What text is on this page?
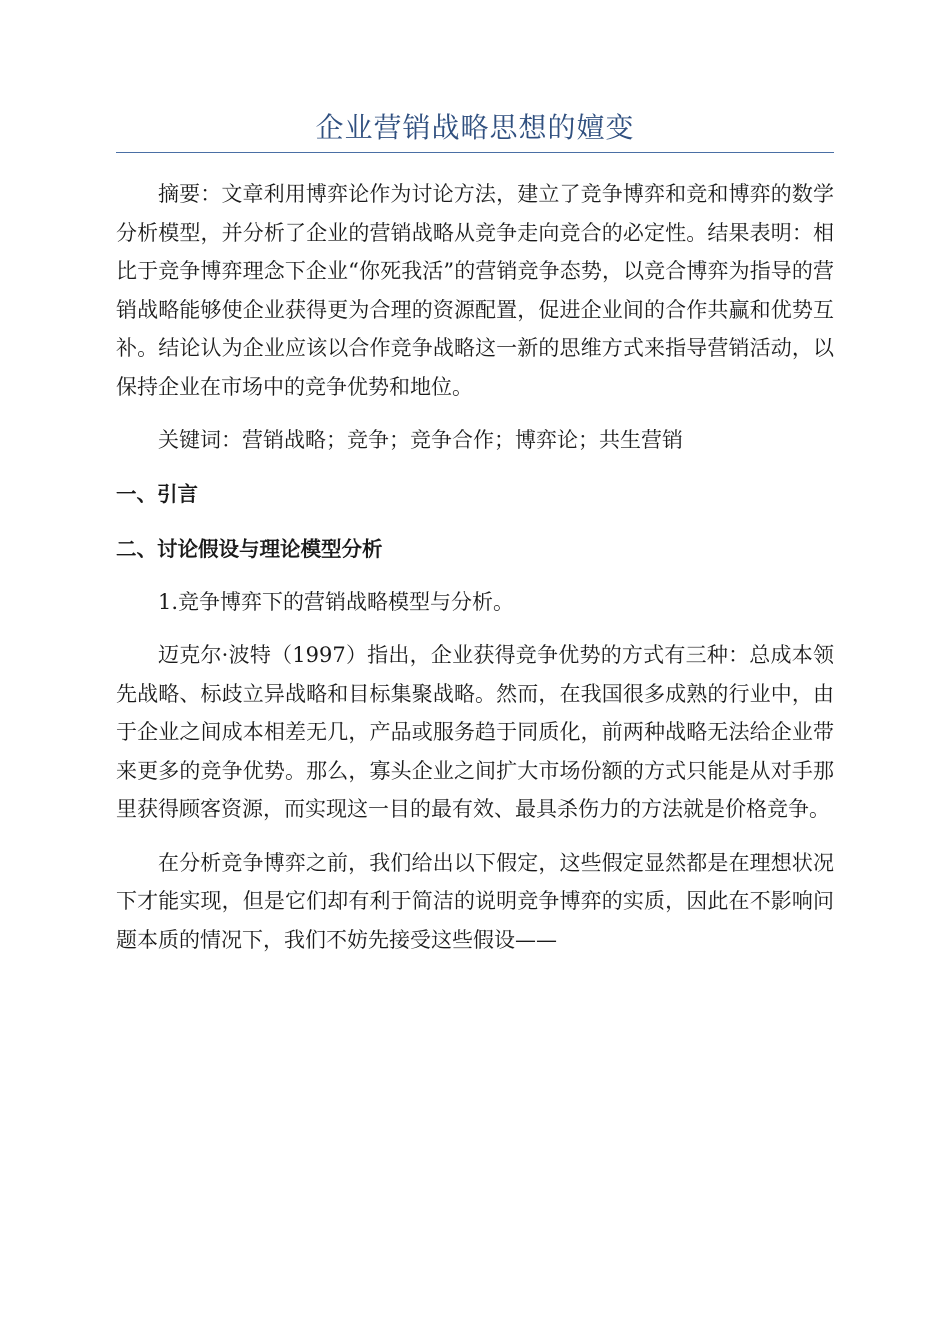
企业营销战略思想的嬗变

摘要：文章利用博弈论作为讨论方法，建立了竞争博弈和竞和博弈的数学分析模型，并分析了企业的营销战略从竞争走向竞合的必定性。结果表明：相比于竞争博弈理念下企业“你死我活”的营销竞争态势，以竞合博弈为指导的营销战略能够使企业获得更为合理的资源配置，促进企业间的合作共赢和优势互补。结论认为企业应该以合作竞争战略这一新的思维方式来指导营销活动，以保持企业在市场中的竞争优势和地位。

关键词：营销战略；竞争；竞争合作；博弈论；共生营销

一、引言
二、讨论假设与理论模型分析

1.竞争博弈下的营销战略模型与分析。

迈克尔·波特（1997）指出，企业获得竞争优势的方式有三种：总成本领先战略、标歧立异战略和目标集聚战略。然而，在我国很多成熟的行业中，由于企业之间成本相差无几，产品或服务趋于同质化，前两种战略无法给企业带来更多的竞争优势。那么，寡头企业之间扩大市场份额的方式只能是从对手那里获得顾客资源，而实现这一目的最有效、最具杀伤力的方法就是价格竞争。

在分析竞争博弈之前，我们给出以下假定，这些假定显然都是在理想状况下才能实现，但是它们却有利于简洁的说明竞争博弈的实质，因此在不影响问题本质的情况下，我们不妨先接受这些假设——
